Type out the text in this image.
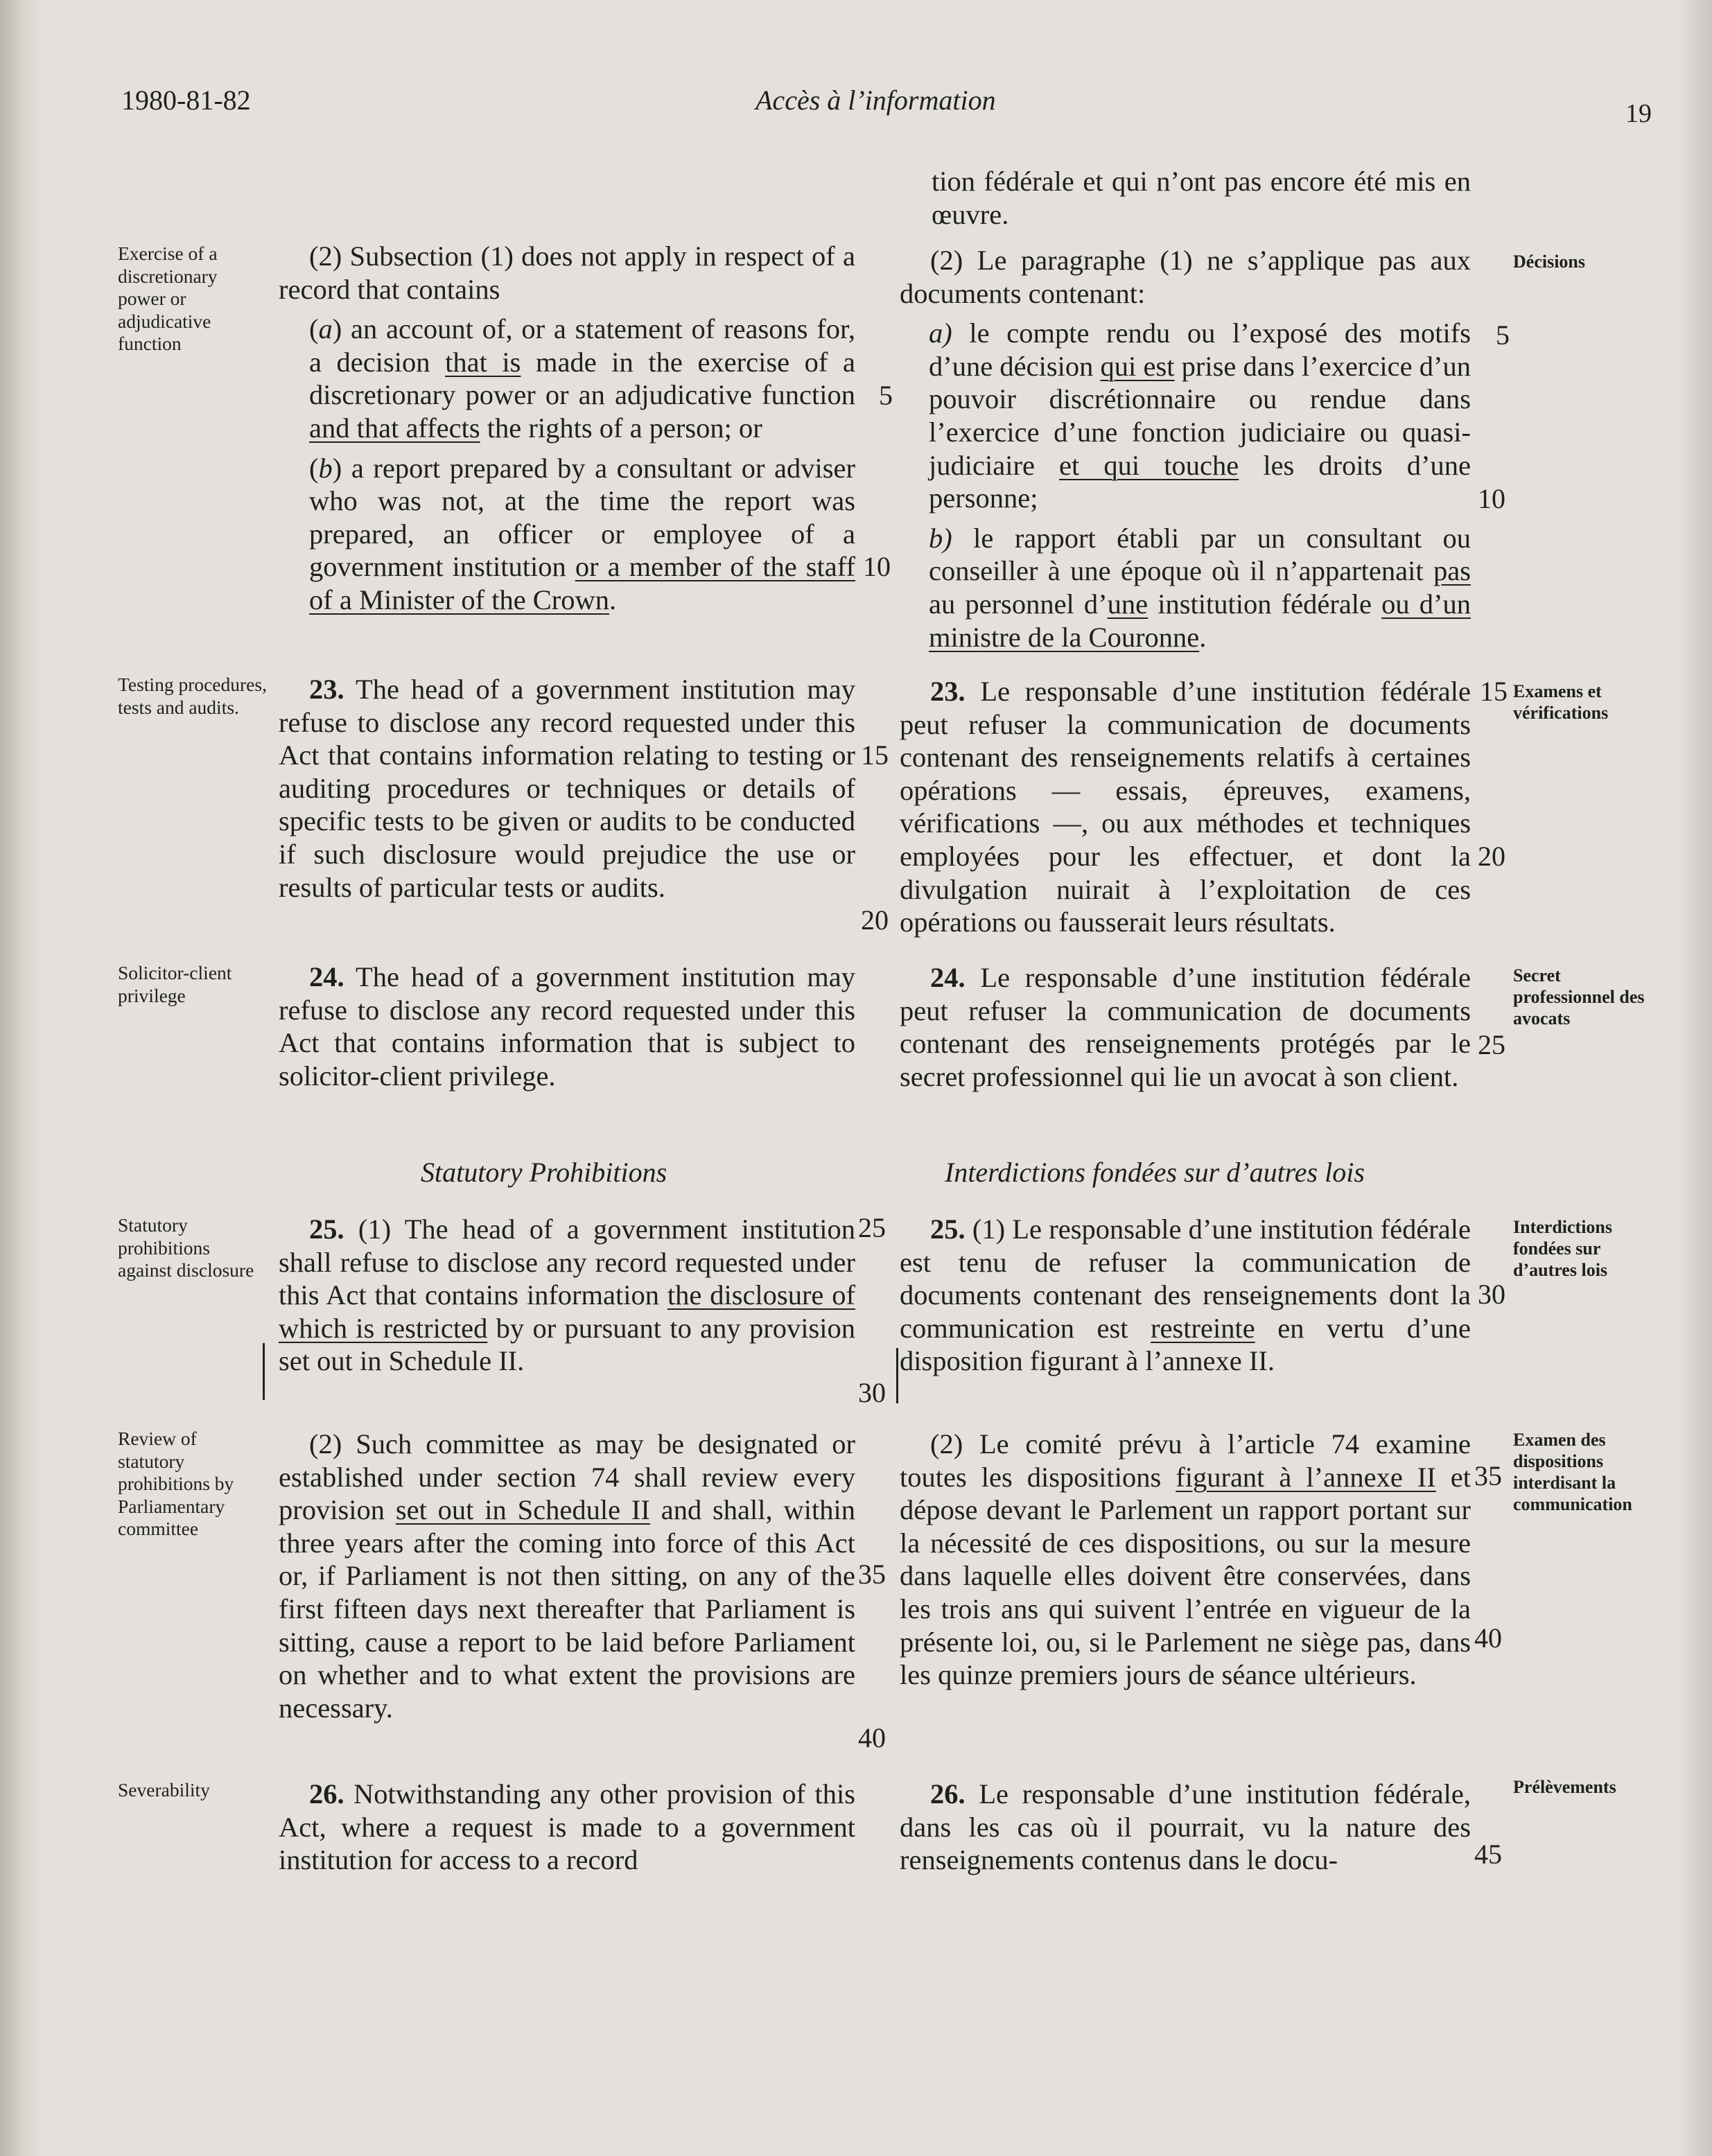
1980-81-82	Accès à l’information	19
Exercise of a discretionary power or adjudicative function
Testing procedures, tests and audits.
Solicitor-client privilege
Statutory prohibitions against disclosure
Review of statutory prohibitions by Parliamentary committee
Severability
Décisions
Examens et vérifications
Secret professionnel des avocats
Interdictions fondées sur d’autres lois
Examen des dispositions interdisant la communication
Prélèvements

(2) Subsection (1) does not apply in respect of a record that contains

(a) an account of, or a statement of reasons for, a decision that is made in the exercise of a discretionary power or an adjudicative function and that affects the rights of a person; or

(b) a report prepared by a consultant or adviser who was not, at the time the report was prepared, an officer or employee of a government institution or a member of the staff of a Minister of the Crown.

23. The head of a government institution may refuse to disclose any record requested under this Act that contains information relating to testing or auditing procedures or techniques or details of specific tests to be given or audits to be conducted if such disclosure would prejudice the use or results of particular tests or audits.

24. The head of a government institution may refuse to disclose any record requested under this Act that contains information that is subject to solicitor-client privilege.

Statutory Prohibitions

25. (1) The head of a government institution shall refuse to disclose any record requested under this Act that contains information the disclosure of which is restricted by or pursuant to any provision set out in Schedule II.

(2) Such committee as may be designated or established under section 74 shall review every provision set out in Schedule II and shall, within three years after the coming into force of this Act or, if Parliament is not then sitting, on any of the first fifteen days next thereafter that Parliament is sitting, cause a report to be laid before Parliament on whether and to what extent the provisions are necessary.

26. Notwithstanding any other provision of this Act, where a request is made to a government institution for access to a record

tion fédérale et qui n’ont pas encore été mis en œuvre.

(2) Le paragraphe (1) ne s’applique pas aux documents contenant:

a) le compte rendu ou l’exposé des motifs d’une décision qui est prise dans l’exercice d’un pouvoir discrétionnaire ou rendue dans l’exercice d’une fonction judiciaire ou quasi-judiciaire et qui touche les droits d’une personne;

b) le rapport établi par un consultant ou conseiller à une époque où il n’appartenait pas au personnel d’une institution fédérale ou d’un ministre de la Couronne.

23. Le responsable d’une institution fédérale peut refuser la communication de documents contenant des renseignements relatifs à certaines opérations — essais, épreuves, examens, vérifications —, ou aux méthodes et techniques employées pour les effectuer, et dont la divulgation nuirait à l’exploitation de ces opérations ou fausserait leurs résultats.

24. Le responsable d’une institution fédérale peut refuser la communication de documents contenant des renseignements protégés par le secret professionnel qui lie un avocat à son client.

Interdictions fondées sur d’autres lois

25. (1) Le responsable d’une institution fédérale est tenu de refuser la communication de documents contenant des renseignements dont la communication est restreinte en vertu d’une disposition figurant à l’annexe II.

(2) Le comité prévu à l’article 74 examine toutes les dispositions figurant à l’annexe II et dépose devant le Parlement un rapport portant sur la nécessité de ces dispositions, ou sur la mesure dans laquelle elles doivent être conservées, dans les trois ans qui suivent l’entrée en vigueur de la présente loi, ou, si le Parlement ne siège pas, dans les quinze premiers jours de séance ultérieurs.

26. Le responsable d’une institution fédérale, dans les cas où il pourrait, vu la nature des renseignements contenus dans le docu-

5
10
15
20
25
30
35
40
5
10
15
20
25
30
35
40
45
